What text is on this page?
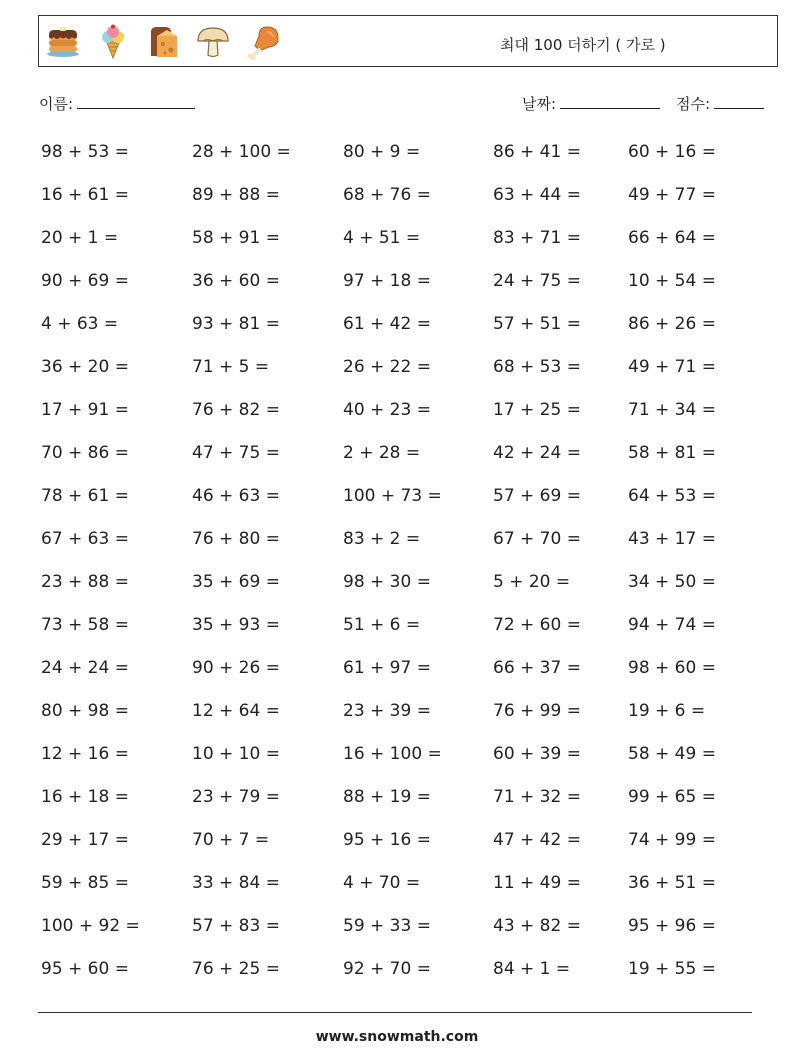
최대 100 더하기 ( 가로 )
이름:	날짜:	점수:
98 + 53 =	28 + 100 =	80 + 9 =	86 + 41 =	60 + 16 =
16 + 61 =	89 + 88 =	68 + 76 =	63 + 44 =	49 + 77 =
20 + 1 =	58 + 91 =	4 + 51 =	83 + 71 =	66 + 64 =
90 + 69 =	36 + 60 =	97 + 18 =	24 + 75 =	10 + 54 =
4 + 63 =	93 + 81 =	61 + 42 =	57 + 51 =	86 + 26 =
36 + 20 =	71 + 5 =	26 + 22 =	68 + 53 =	49 + 71 =
17 + 91 =	76 + 82 =	40 + 23 =	17 + 25 =	71 + 34 =
70 + 86 =	47 + 75 =	2 + 28 =	42 + 24 =	58 + 81 =
78 + 61 =	46 + 63 =	100 + 73 =	57 + 69 =	64 + 53 =
67 + 63 =	76 + 80 =	83 + 2 =	67 + 70 =	43 + 17 =
23 + 88 =	35 + 69 =	98 + 30 =	5 + 20 =	34 + 50 =
73 + 58 =	35 + 93 =	51 + 6 =	72 + 60 =	94 + 74 =
24 + 24 =	90 + 26 =	61 + 97 =	66 + 37 =	98 + 60 =
80 + 98 =	12 + 64 =	23 + 39 =	76 + 99 =	19 + 6 =
12 + 16 =	10 + 10 =	16 + 100 =	60 + 39 =	58 + 49 =
16 + 18 =	23 + 79 =	88 + 19 =	71 + 32 =	99 + 65 =
29 + 17 =	70 + 7 =	95 + 16 =	47 + 42 =	74 + 99 =
59 + 85 =	33 + 84 =	4 + 70 =	11 + 49 =	36 + 51 =
100 + 92 =	57 + 83 =	59 + 33 =	43 + 82 =	95 + 96 =
95 + 60 =	76 + 25 =	92 + 70 =	84 + 1 =	19 + 55 =
www.snowmath.com
